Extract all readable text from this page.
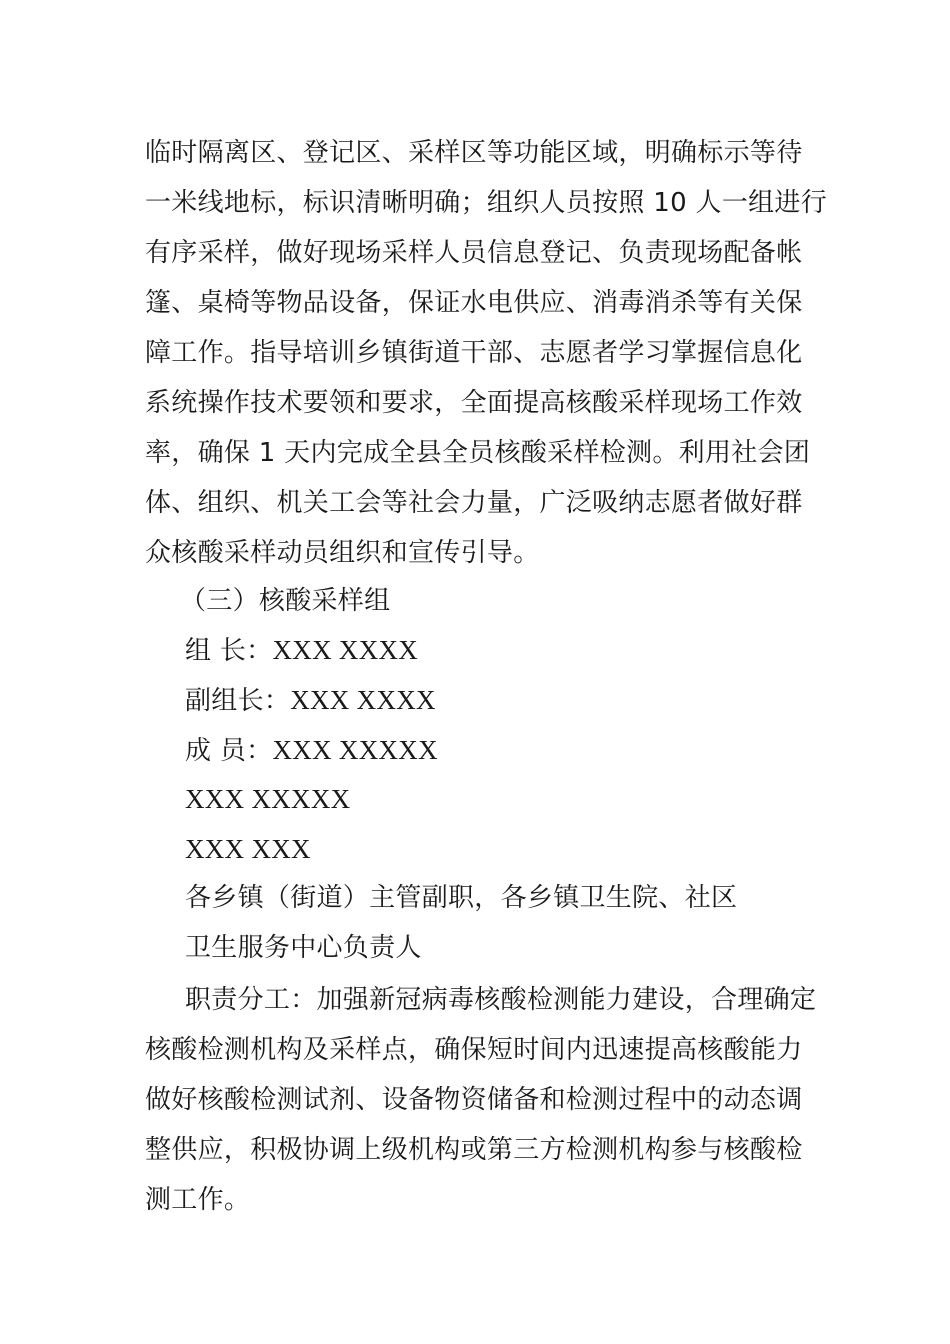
临时隔离区、登记区、采样区等功能区域，明确标示等待
一米线地标，标识清晰明确；组织人员按照 10 人一组进行
有序采样，做好现场采样人员信息登记、负责现场配备帐
篷、桌椅等物品设备，保证水电供应、消毒消杀等有关保
障工作。指导培训乡镇街道干部、志愿者学习掌握信息化
系统操作技术要领和要求，全面提高核酸采样现场工作效
率，确保 1 天内完成全县全员核酸采样检测。利用社会团
体、组织、机关工会等社会力量，广泛吸纳志愿者做好群
众核酸采样动员组织和宣传引导。
（三）核酸采样组
组 长：XXX XXXX
副组长：XXX XXXX
成 员：XXX XXXXX
XXX XXXXX
XXX XXX
各乡镇（街道）主管副职，各乡镇卫生院、社区
卫生服务中心负责人
职责分工：加强新冠病毒核酸检测能力建设，合理确定
核酸检测机构及采样点，确保短时间内迅速提高核酸能力
做好核酸检测试剂、设备物资储备和检测过程中的动态调
整供应，积极协调上级机构或第三方检测机构参与核酸检
测工作。
